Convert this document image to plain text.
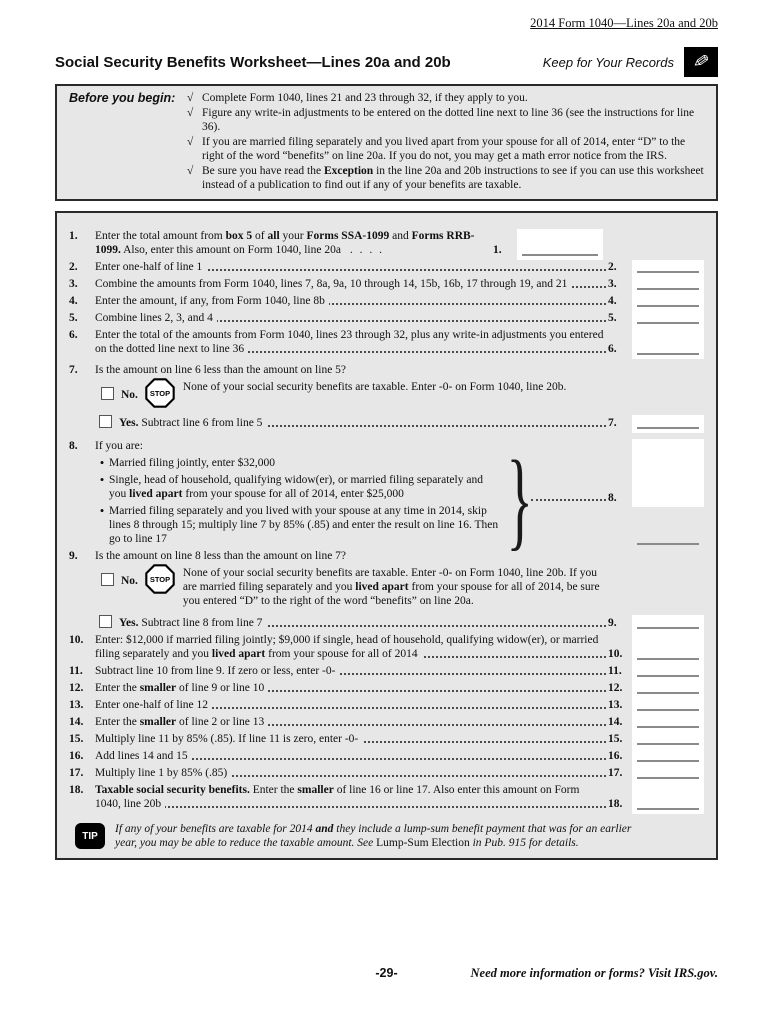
2014 Form 1040—Lines 20a and 20b
Social Security Benefits Worksheet—Lines 20a and 20b	Keep for Your Records ✎
Before you begin:	√ Complete Form 1040, lines 21 and 23 through 32, if they apply to you.
√ Figure any write-in adjustments to be entered on the dotted line next to line 36 (see the instructions for line 36).
√ If you are married filing separately and you lived apart from your spouse for all of 2014, enter “D” to the right of the word “benefits” on line 20a. If you do not, you may get a math error notice from the IRS.
√ Be sure you have read the Exception in the line 20a and 20b instructions to see if you can use this worksheet instead of a publication to find out if any of your benefits are taxable.
1.	Enter the total amount from box 5 of all your Forms SSA-1099 and Forms RRB-1099. Also, enter this amount on Form 1040, line 20a . . . .	1.
2.	Enter one-half of line 1	2.
3.	Combine the amounts from Form 1040, lines 7, 8a, 9a, 10 through 14, 15b, 16b, 17 through 19, and 21	3.
4.	Enter the amount, if any, from Form 1040, line 8b	4.
5.	Combine lines 2, 3, and 4	5.
6.	Enter the total of the amounts from Form 1040, lines 23 through 32, plus any write-in adjustments you entered on the dotted line next to line 36	6.
7.	Is the amount on line 6 less than the amount on line 5?
No. STOP
None of your social security benefits are taxable. Enter -0- on Form 1040, line 20b.
Yes. Subtract line 6 from line 5	7.
8.	If you are:
• Married filing jointly, enter $32,000
• Single, head of household, qualifying widow(er), or married filing separately and you lived apart from your spouse for all of 2014, enter $25,000
• Married filing separately and you lived with your spouse at any time in 2014, skip lines 8 through 15; multiply line 7 by 85% (.85) and enter the result on line 16. Then go to line 17	}	8.
9.	Is the amount on line 8 less than the amount on line 7?
No. STOP
None of your social security benefits are taxable. Enter -0- on Form 1040, line 20b. If you are married filing separately and you lived apart from your spouse for all of 2014, be sure you entered “D” to the right of the word “benefits” on line 20a.
Yes. Subtract line 8 from line 7	9.
10.	Enter: $12,000 if married filing jointly; $9,000 if single, head of household, qualifying widow(er), or married filing separately and you lived apart from your spouse for all of 2014	10.
11.	Subtract line 10 from line 9. If zero or less, enter -0-	11.
12.	Enter the smaller of line 9 or line 10	12.
13.	Enter one-half of line 12	13.
14.	Enter the smaller of line 2 or line 13	14.
15.	Multiply line 11 by 85% (.85). If line 11 is zero, enter -0-	15.
16.	Add lines 14 and 15	16.
17.	Multiply line 1 by 85% (.85)	17.
18.	Taxable social security benefits. Enter the smaller of line 16 or line 17. Also enter this amount on Form 1040, line 20b	18.
TIP
If any of your benefits are taxable for 2014 and they include a lump-sum benefit payment that was for an earlier year, you may be able to reduce the taxable amount. See Lump-Sum Election in Pub. 915 for details.
-29-	Need more information or forms? Visit IRS.gov.
